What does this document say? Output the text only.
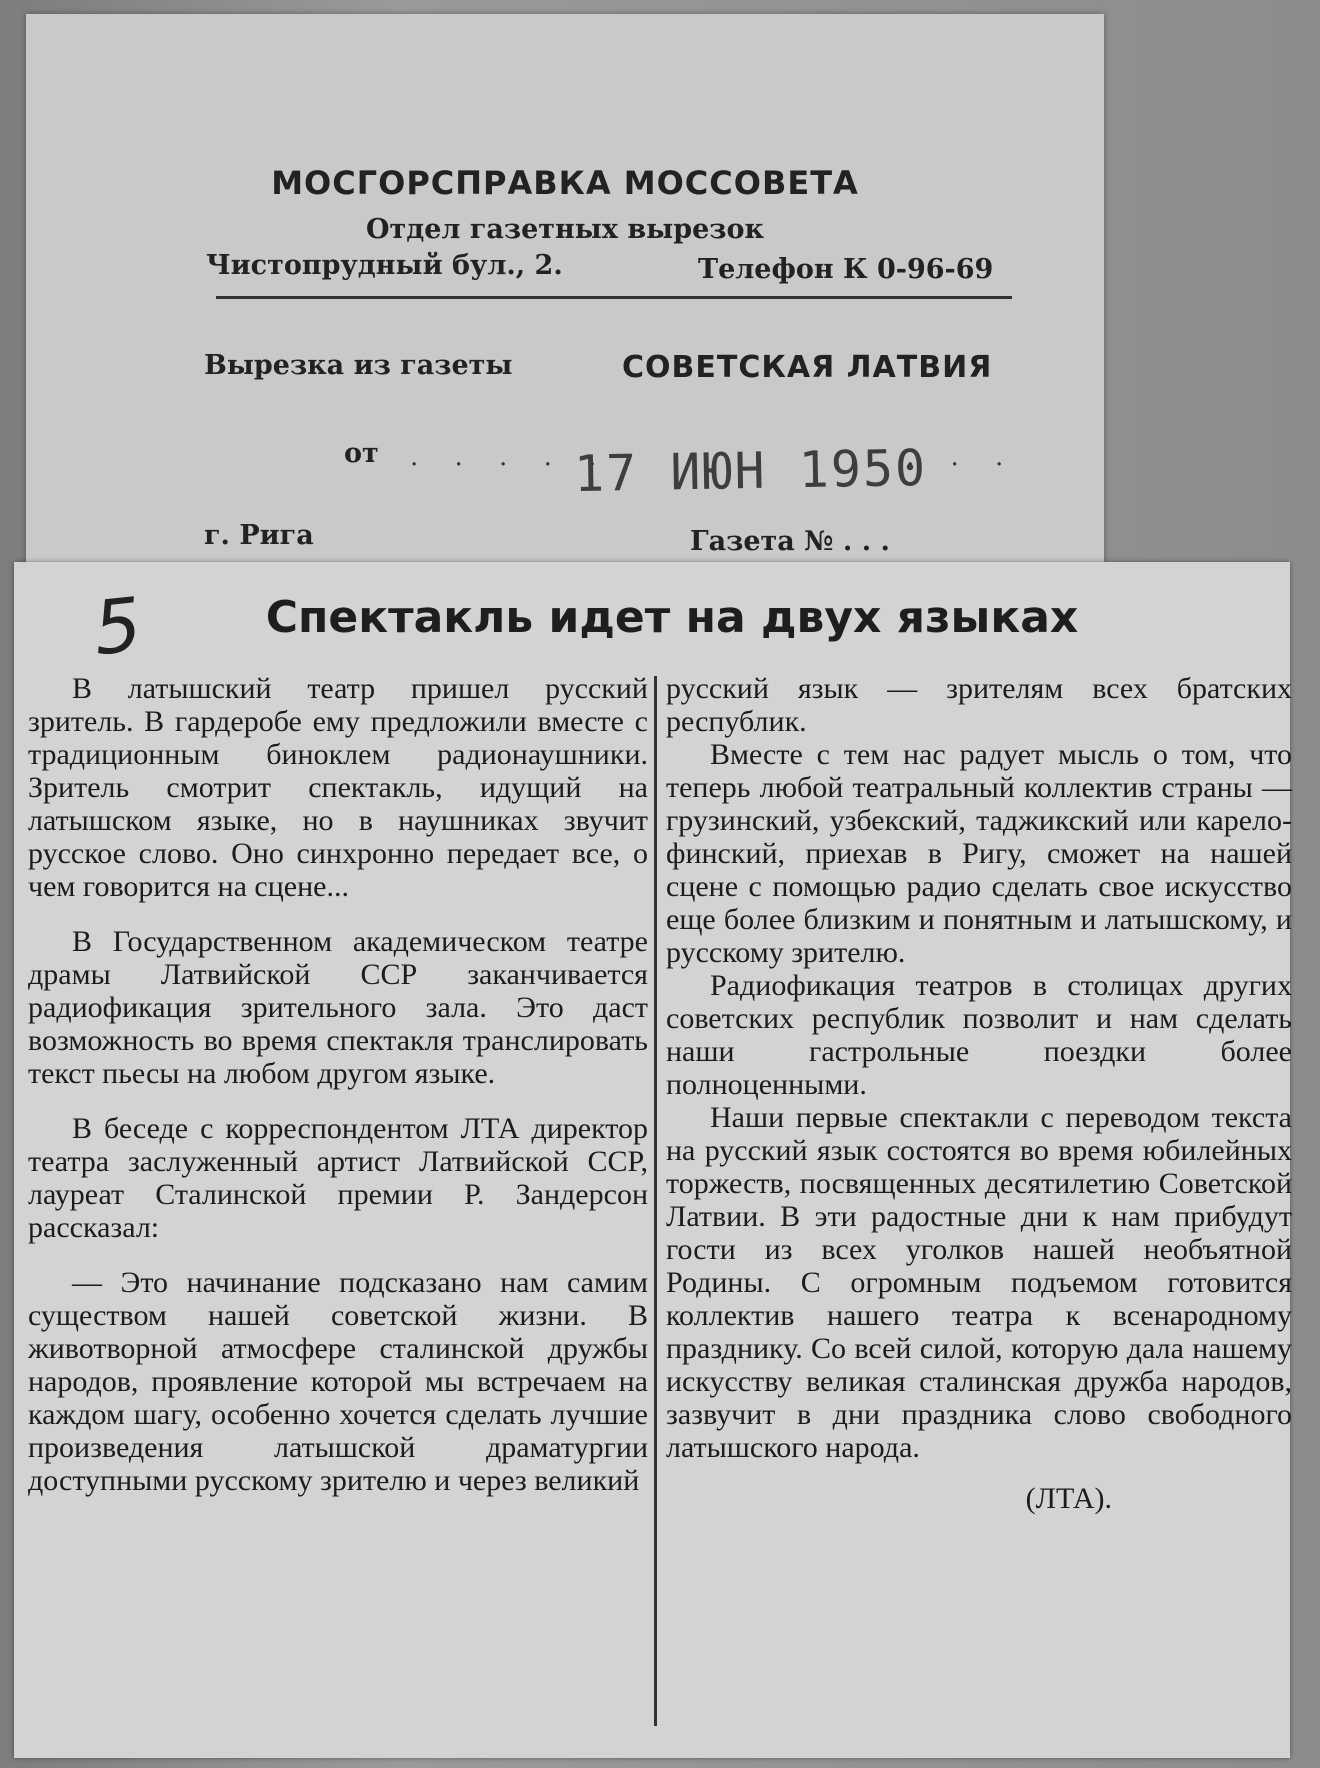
МОСГОРСПРАВКА МОССОВЕТА
Отдел газетных вырезок
Чистопрудный бул., 2.	Телефон К 0-96-69
Вырезка из газеты	СОВЕТСКАЯ ЛАТВИЯ
от . . . . .
17 ИЮН 1950
. . .
г. Рига	Газета № . . .
5	Спектакль идет на двух языках

В латышский театр пришел русский зритель. В гардеробе ему предложили вместе с традиционным биноклем радионаушники. Зритель смотрит спектакль, идущий на латышском языке, но в наушниках звучит русское слово. Оно синхронно передает все, о чем говорится на сцене...

В Государственном академическом театре драмы Латвийской ССР заканчивается радиофикация зрительного зала. Это даст возможность во время спектакля транслировать текст пьесы на любом другом языке.

В беседе с корреспондентом ЛТА директор театра заслуженный артист Латвийской ССР, лауреат Сталинской премии Р. Зандерсон рассказал:

— Это начинание подсказано нам самим существом нашей советской жизни. В животворной атмосфере сталинской дружбы народов, проявление которой мы встречаем на каждом шагу, особенно хочется сделать лучшие произведения латышской драматургии доступными русскому зрителю и через великий

русский язык — зрителям всех братских республик.

Вместе с тем нас радует мысль о том, что теперь любой театральный коллектив страны — грузинский, узбекский, таджикский или карело-финский, приехав в Ригу, сможет на нашей сцене с помощью радио сделать свое искусство еще более близким и понятным и латышскому, и русскому зрителю.

Радиофикация театров в столицах других советских республик позволит и нам сделать наши гастрольные поездки более полноценными.

Наши первые спектакли с переводом текста на русский язык состоятся во время юбилейных торжеств, посвященных десятилетию Советской Латвии. В эти радостные дни к нам прибудут гости из всех уголков нашей необъятной Родины. С огромным подъемом готовится коллектив нашего театра к всенародному празднику. Со всей силой, которую дала нашему искусству великая сталинская дружба народов, зазвучит в дни праздника слово свободного латышского народа.

(ЛТА).
